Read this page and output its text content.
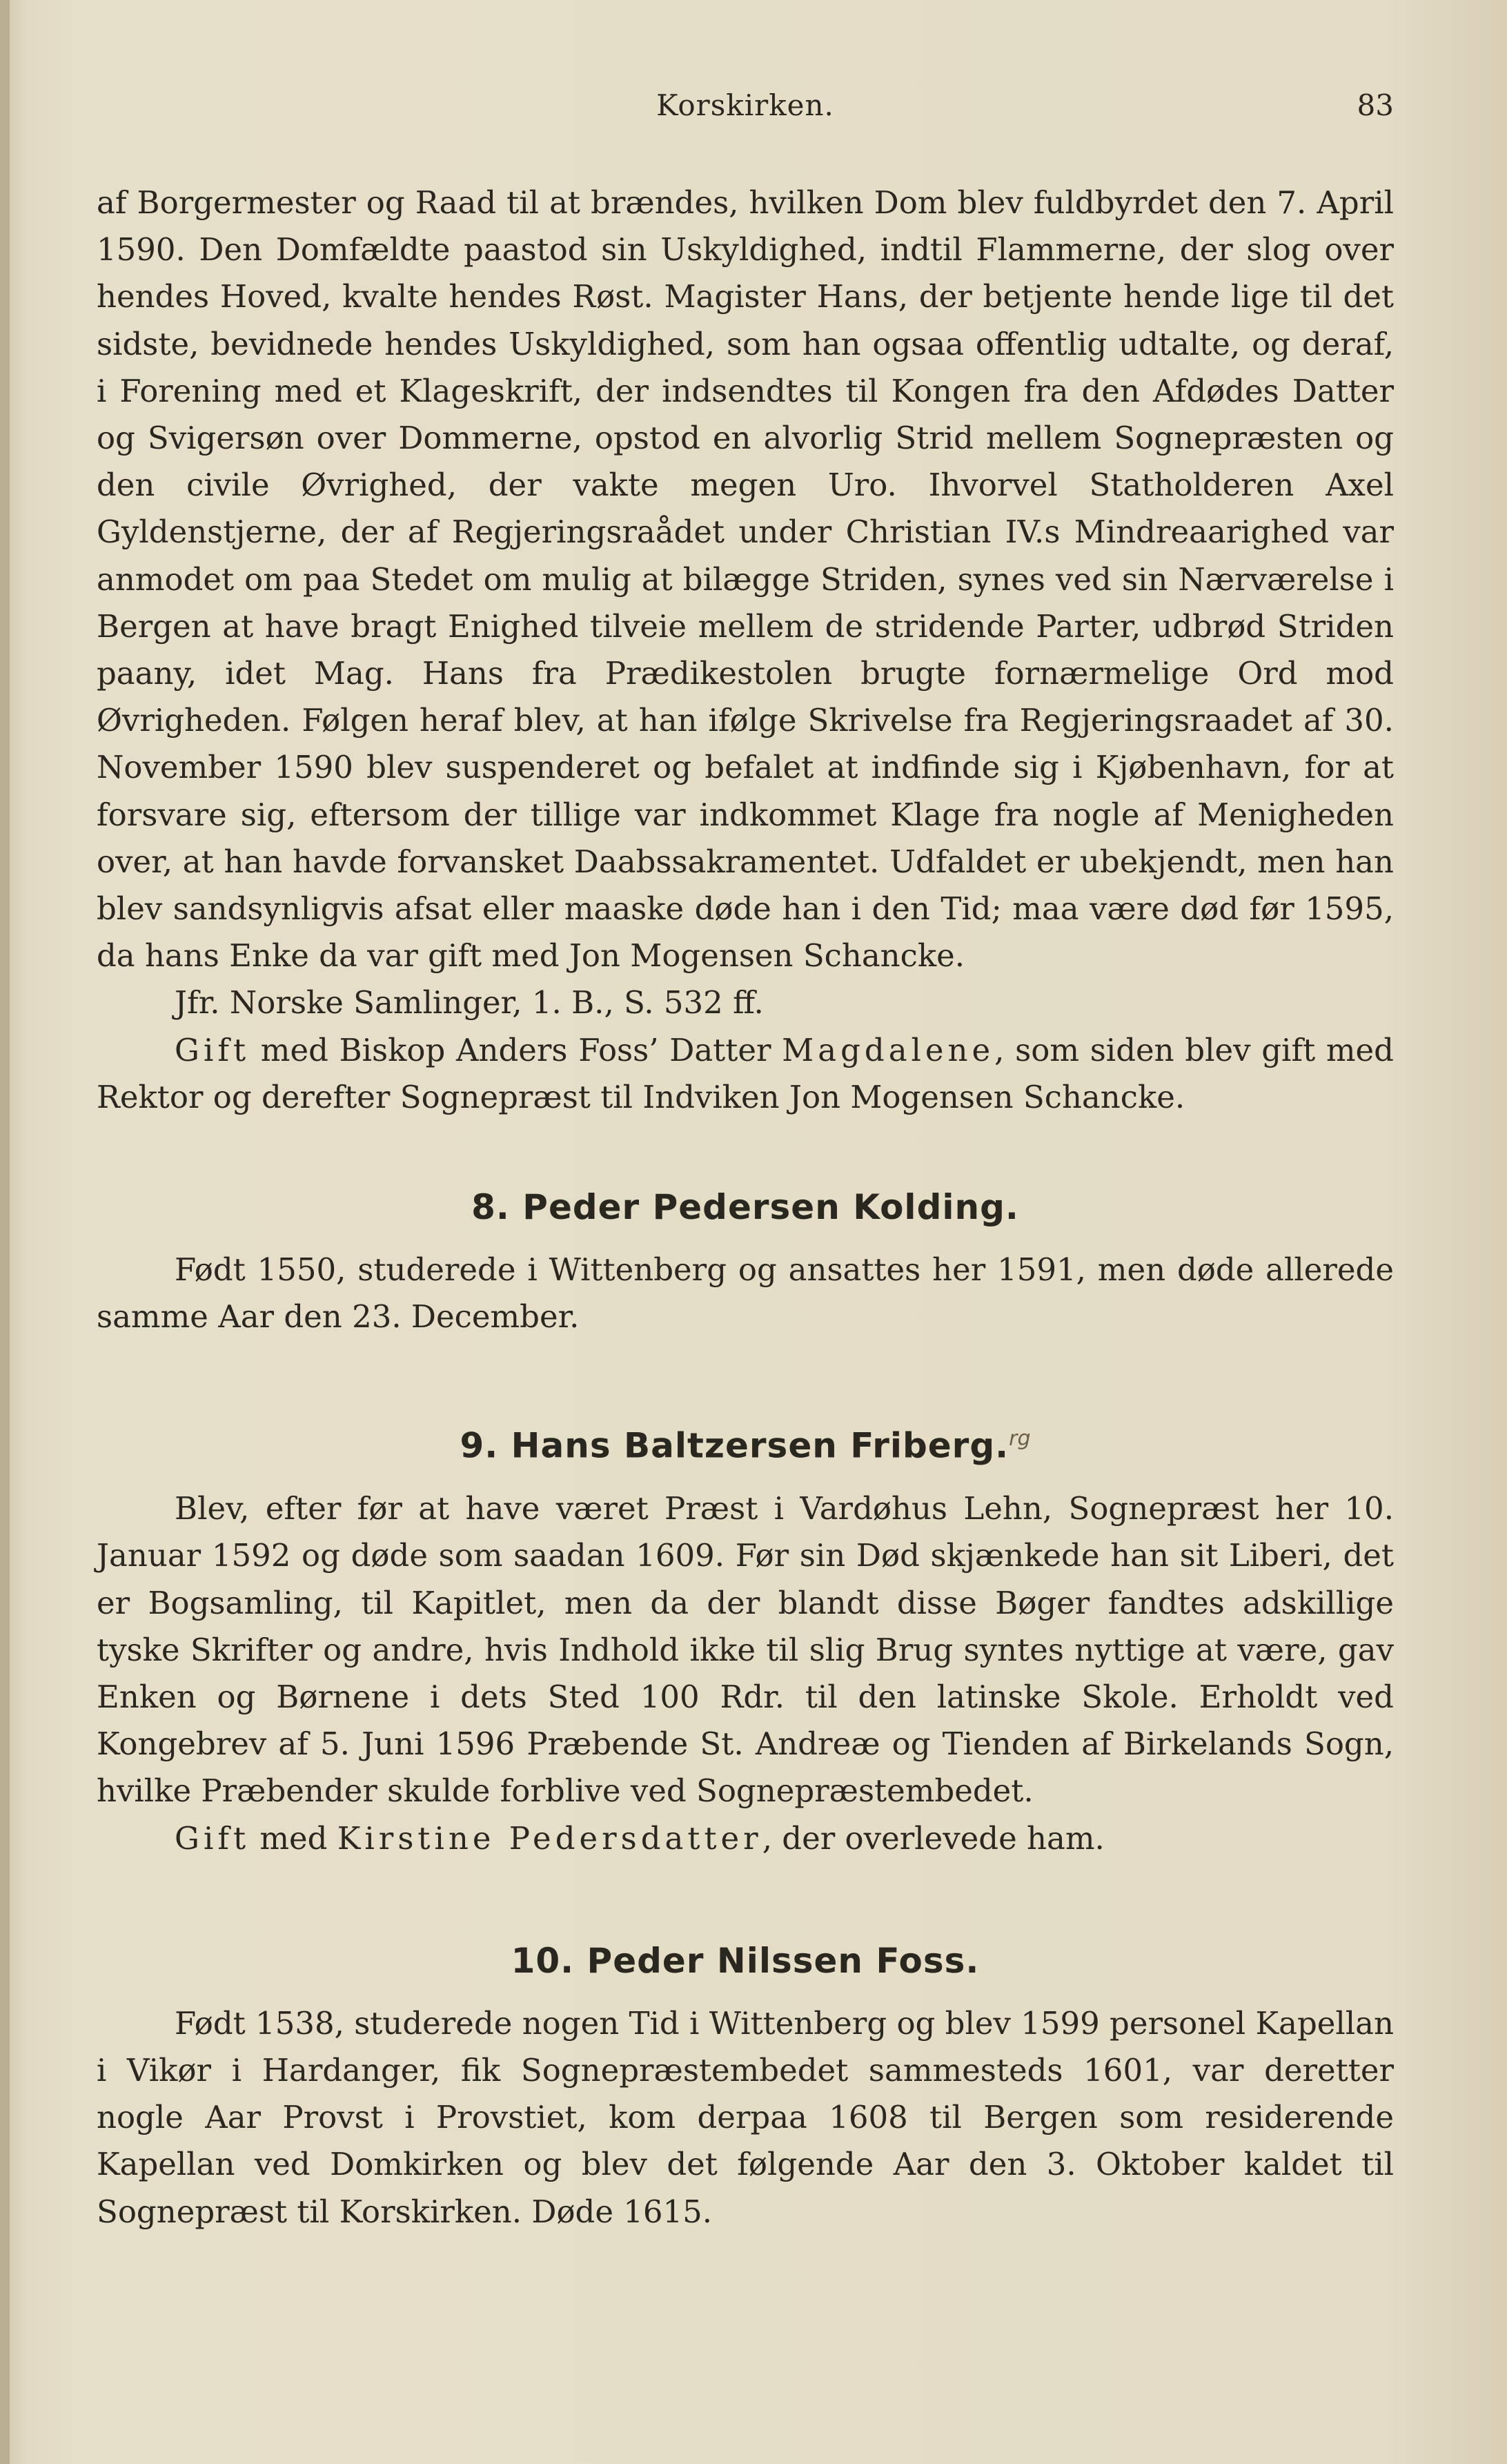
Korskirken.	83

af Borgermester og Raad til at brændes, hvilken Dom blev fuldbyrdet den 7. April 1590. Den Domfældte paastod sin Uskyldighed, indtil Flammerne, der slog over hendes Hoved, kvalte hendes Røst. Magister Hans, der betjente hende lige til det sidste, bevidnede hendes Uskyldighed, som han ogsaa offentlig udtalte, og deraf, i Forening med et Klageskrift, der indsendtes til Kongen fra den Afdødes Datter og Svigersøn over Dommerne, opstod en alvorlig Strid mellem Sognepræsten og den civile Øvrighed, der vakte megen Uro. Ihvorvel Statholderen Axel Gyldenstjerne, der af Regjeringsraådet under Christian IV.s Mindreaarighed var anmodet om paa Stedet om mulig at bilægge Striden, synes ved sin Nærværelse i Bergen at have bragt Enighed tilveie mellem de stridende Parter, udbrød Striden paany, idet Mag. Hans fra Prædikestolen brugte fornærmelige Ord mod Øvrigheden. Følgen heraf blev, at han ifølge Skrivelse fra Regjeringsraadet af 30. November 1590 blev suspenderet og befalet at indfinde sig i Kjøbenhavn, for at forsvare sig, eftersom der tillige var indkommet Klage fra nogle af Menigheden over, at han havde forvansket Daabssakramentet. Udfaldet er ubekjendt, men han blev sandsynligvis afsat eller maaske døde han i den Tid; maa være død før 1595, da hans Enke da var gift med Jon Mogensen Schancke.

Jfr. Norske Samlinger, 1. B., S. 532 ff.

Gift med Biskop Anders Foss’ Datter Magdalene, som siden blev gift med Rektor og derefter Sognepræst til Indviken Jon Mogensen Schancke.

8. Peder Pedersen Kolding.

Født 1550, studerede i Wittenberg og ansattes her 1591, men døde allerede samme Aar den 23. December.

9. Hans Baltzersen Friberg.$^{rg}$

Blev, efter før at have været Præst i Vardøhus Lehn, Sognepræst her 10. Januar 1592 og døde som saadan 1609. Før sin Død skjænkede han sit Liberi, det er Bogsamling, til Kapitlet, men da der blandt disse Bøger fandtes adskillige tyske Skrifter og andre, hvis Indhold ikke til slig Brug syntes nyttige at være, gav Enken og Børnene i dets Sted 100 Rdr. til den latinske Skole. Erholdt ved Kongebrev af 5. Juni 1596 Præbende St. Andreæ og Tienden af Birkelands Sogn, hvilke Præbender skulde forblive ved Sognepræstembedet.

Gift med Kirstine Pedersdatter, der overlevede ham.

10. Peder Nilssen Foss.

Født 1538, studerede nogen Tid i Wittenberg og blev 1599 personel Kapellan i Vikør i Hardanger, fik Sognepræstembedet sammesteds 1601, var deretter nogle Aar Provst i Provstiet, kom derpaa 1608 til Bergen som residerende Kapellan ved Domkirken og blev det følgende Aar den 3. Oktober kaldet til Sognepræst til Korskirken. Døde 1615.
